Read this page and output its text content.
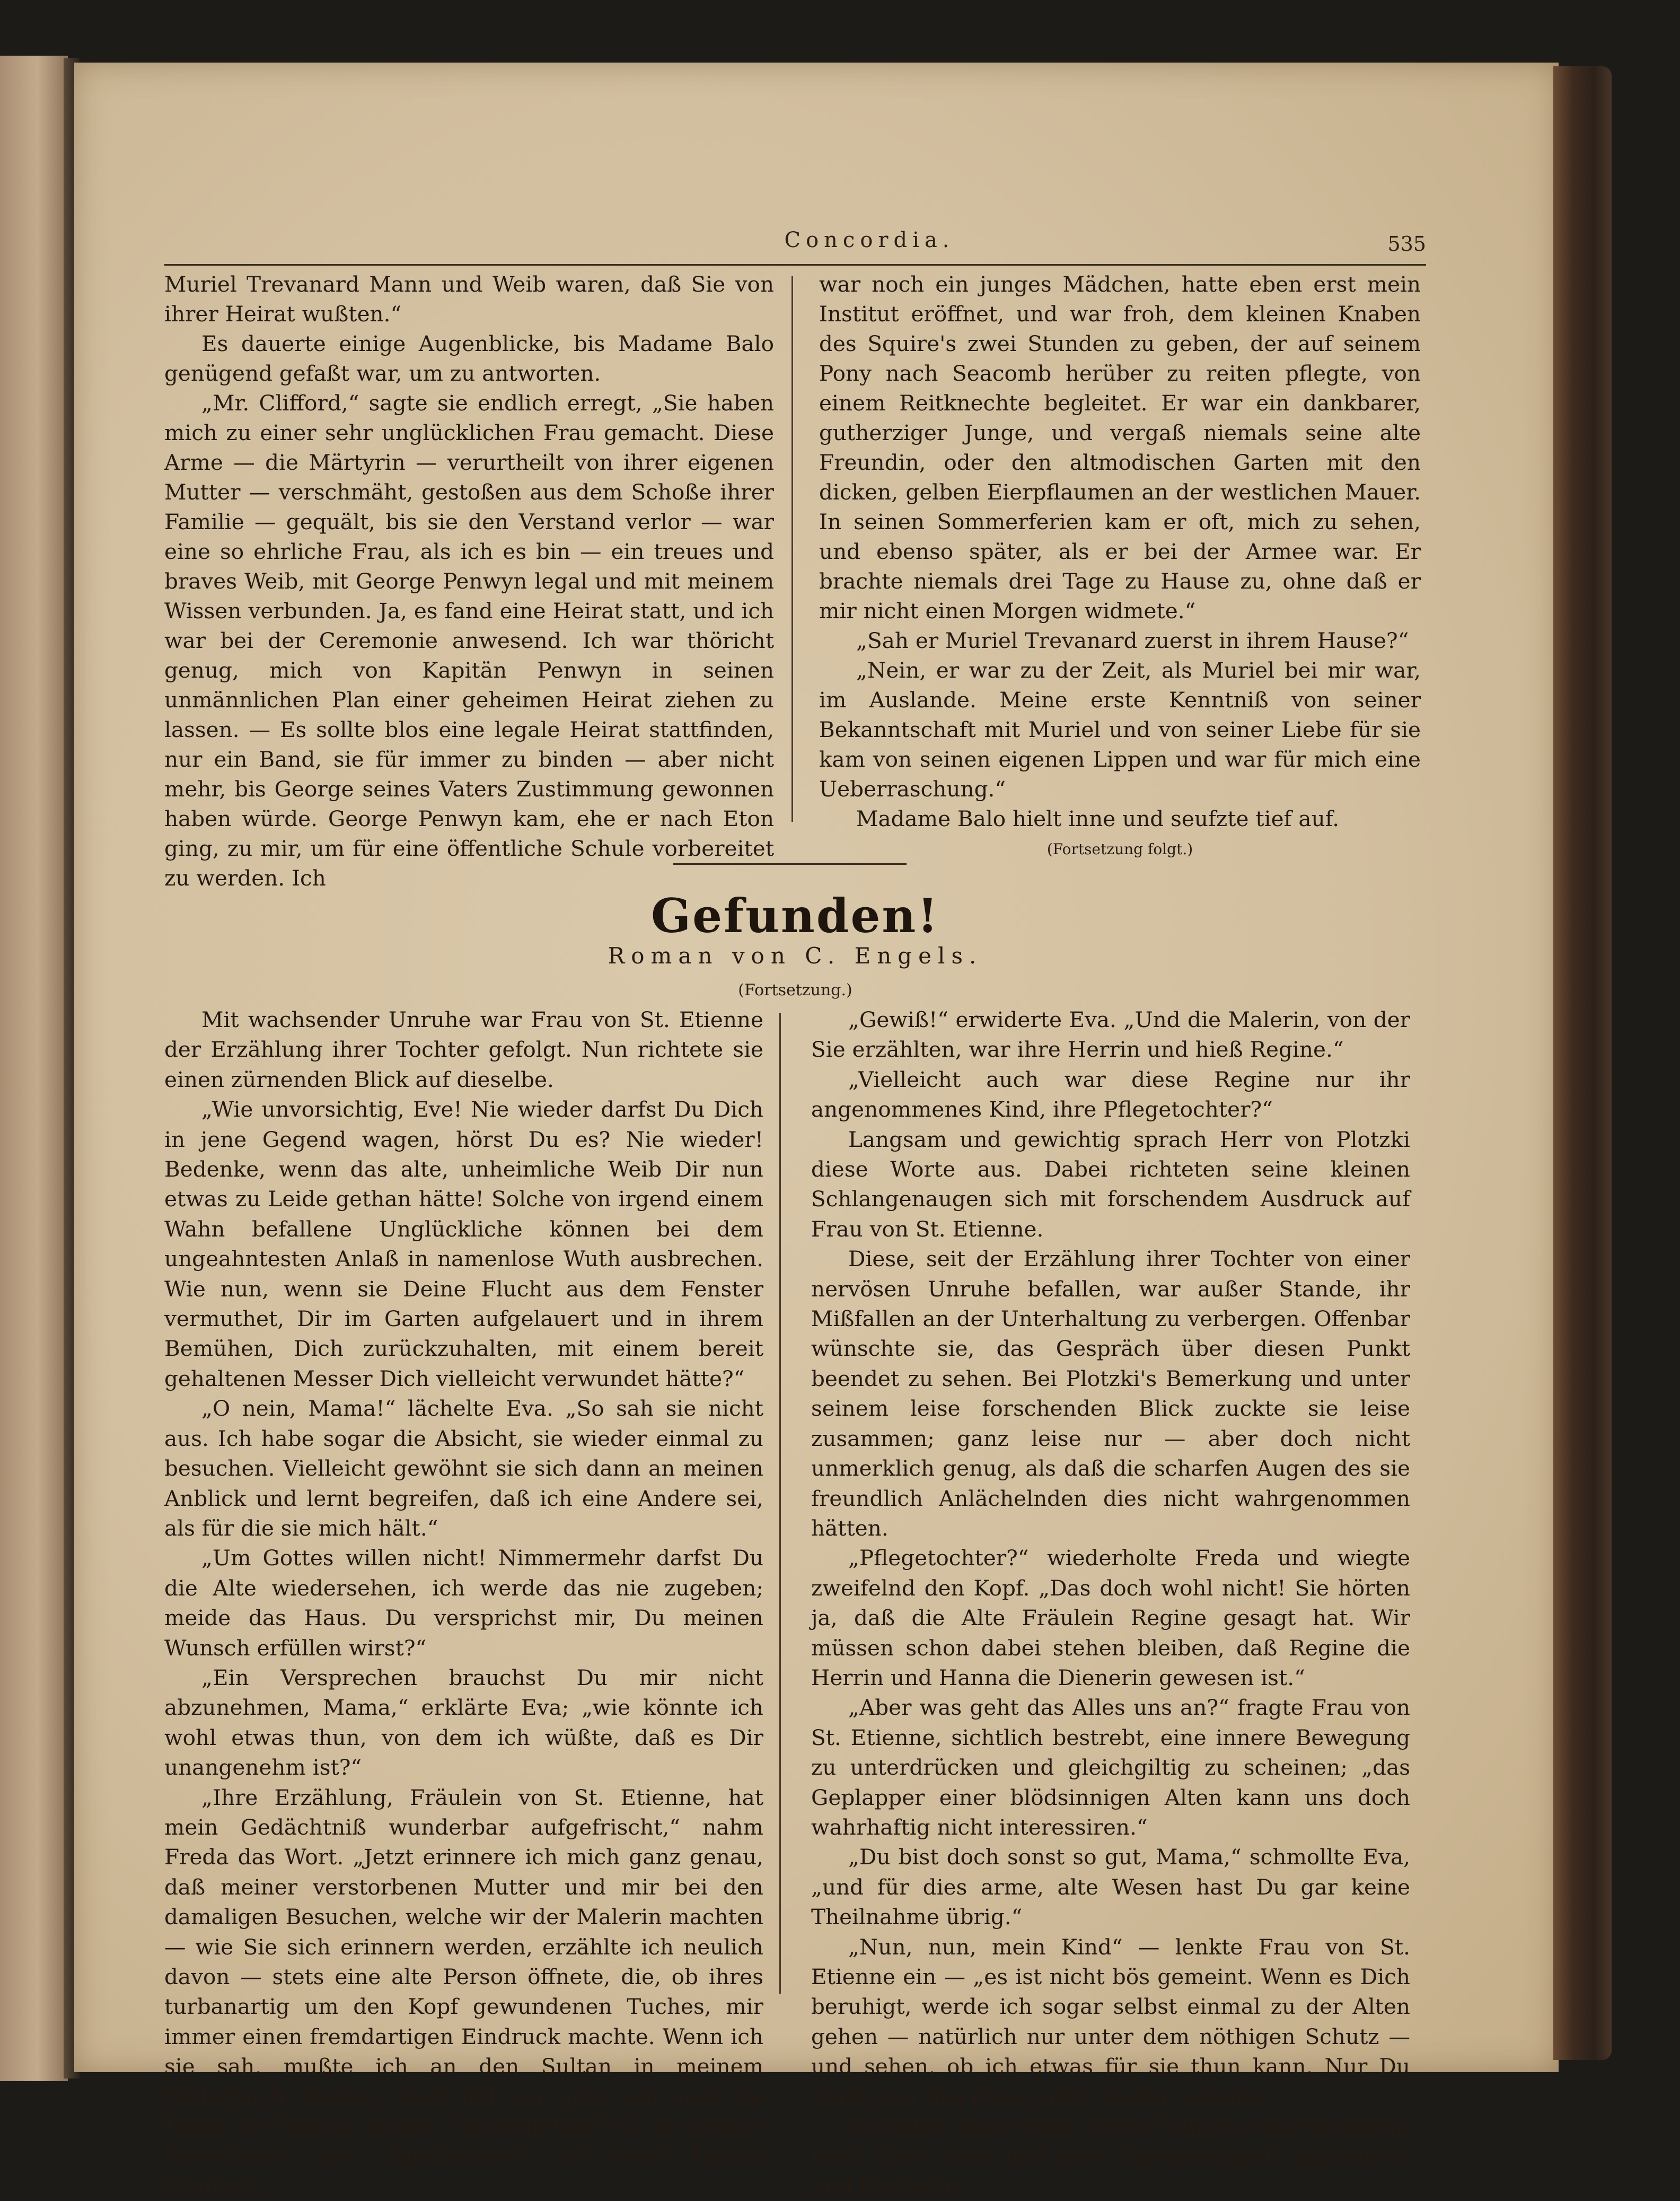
Concordia.	535

Muriel Trevanard Mann und Weib waren, daß Sie von ihrer Heirat wußten.“

Es dauerte einige Augenblicke, bis Madame Balo genügend gefaßt war, um zu antworten.

„Mr. Clifford,“ sagte sie endlich erregt, „Sie haben mich zu einer sehr unglücklichen Frau gemacht. Diese Arme — die Märtyrin — verurtheilt von ihrer eigenen Mutter — verschmäht, gestoßen aus dem Schoße ihrer Familie — gequält, bis sie den Verstand verlor — war eine so ehrliche Frau, als ich es bin — ein treues und braves Weib, mit George Penwyn legal und mit meinem Wissen verbunden. Ja, es fand eine Heirat statt, und ich war bei der Ceremonie anwesend. Ich war thöricht genug, mich von Kapitän Penwyn in seinen unmännlichen Plan einer geheimen Heirat ziehen zu lassen. — Es sollte blos eine legale Heirat stattfinden, nur ein Band, sie für immer zu binden — aber nicht mehr, bis George seines Vaters Zustimmung gewonnen haben würde. George Penwyn kam, ehe er nach Eton ging, zu mir, um für eine öffentliche Schule vorbereitet zu werden. Ich

war noch ein junges Mädchen, hatte eben erst mein Institut eröffnet, und war froh, dem kleinen Knaben des Squire's zwei Stunden zu geben, der auf seinem Pony nach Seacomb herüber zu reiten pflegte, von einem Reitknechte begleitet. Er war ein dankbarer, gutherziger Junge, und vergaß niemals seine alte Freundin, oder den altmodischen Garten mit den dicken, gelben Eierpflaumen an der westlichen Mauer. In seinen Sommerferien kam er oft, mich zu sehen, und ebenso später, als er bei der Armee war. Er brachte niemals drei Tage zu Hause zu, ohne daß er mir nicht einen Morgen widmete.“

„Sah er Muriel Trevanard zuerst in ihrem Hause?“

„Nein, er war zu der Zeit, als Muriel bei mir war, im Auslande. Meine erste Kenntniß von seiner Bekanntschaft mit Muriel und von seiner Liebe für sie kam von seinen eigenen Lippen und war für mich eine Ueberraschung.“

Madame Balo hielt inne und seufzte tief auf.

(Fortsetzung folgt.)

Gefunden!
Roman von C. Engels.
(Fortsetzung.)

Mit wachsender Unruhe war Frau von St. Etienne der Erzählung ihrer Tochter gefolgt. Nun richtete sie einen zürnenden Blick auf dieselbe.

„Wie unvorsichtig, Eve! Nie wieder darfst Du Dich in jene Gegend wagen, hörst Du es? Nie wieder! Bedenke, wenn das alte, unheimliche Weib Dir nun etwas zu Leide gethan hätte! Solche von irgend einem Wahn befallene Unglückliche können bei dem ungeahntesten Anlaß in namenlose Wuth ausbrechen. Wie nun, wenn sie Deine Flucht aus dem Fenster vermuthet, Dir im Garten aufgelauert und in ihrem Bemühen, Dich zurückzuhalten, mit einem bereit gehaltenen Messer Dich vielleicht verwundet hätte?“

„O nein, Mama!“ lächelte Eva. „So sah sie nicht aus. Ich habe sogar die Absicht, sie wieder einmal zu besuchen. Vielleicht gewöhnt sie sich dann an meinen Anblick und lernt begreifen, daß ich eine Andere sei, als für die sie mich hält.“

„Um Gottes willen nicht! Nimmermehr darfst Du die Alte wiedersehen, ich werde das nie zugeben; meide das Haus. Du versprichst mir, Du meinen Wunsch erfüllen wirst?“

„Ein Versprechen brauchst Du mir nicht abzunehmen, Mama,“ erklärte Eva; „wie könnte ich wohl etwas thun, von dem ich wüßte, daß es Dir unangenehm ist?“

„Ihre Erzählung, Fräulein von St. Etienne, hat mein Gedächtniß wunderbar aufgefrischt,“ nahm Freda das Wort. „Jetzt erinnere ich mich ganz genau, daß meiner verstorbenen Mutter und mir bei den damaligen Besuchen, welche wir der Malerin machten — wie Sie sich erinnern werden, erzählte ich neulich davon — stets eine alte Person öffnete, die, ob ihres turbanartig um den Kopf gewundenen Tuches, mir immer einen fremdartigen Eindruck machte. Wenn ich sie sah, mußte ich an den Sultan in meinem Bilderbuch denken. Auch fällt mir jetzt ein, daß die Dame sie Hanna nannte. Unzweifelhaft ist die jetzige Bewohnerin des „Spukhauses“ mit jener Hanna identisch.“

„Gewiß!“ erwiderte Eva. „Und die Malerin, von der Sie erzählten, war ihre Herrin und hieß Regine.“

„Vielleicht auch war diese Regine nur ihr angenommenes Kind, ihre Pflegetochter?“

Langsam und gewichtig sprach Herr von Plotzki diese Worte aus. Dabei richteten seine kleinen Schlangenaugen sich mit forschendem Ausdruck auf Frau von St. Etienne.

Diese, seit der Erzählung ihrer Tochter von einer nervösen Unruhe befallen, war außer Stande, ihr Mißfallen an der Unterhaltung zu verbergen. Offenbar wünschte sie, das Gespräch über diesen Punkt beendet zu sehen. Bei Plotzki's Bemerkung und unter seinem leise forschenden Blick zuckte sie leise zusammen; ganz leise nur — aber doch nicht unmerklich genug, als daß die scharfen Augen des sie freundlich Anlächelnden dies nicht wahrgenommen hätten.

„Pflegetochter?“ wiederholte Freda und wiegte zweifelnd den Kopf. „Das doch wohl nicht! Sie hörten ja, daß die Alte Fräulein Regine gesagt hat. Wir müssen schon dabei stehen bleiben, daß Regine die Herrin und Hanna die Dienerin gewesen ist.“

„Aber was geht das Alles uns an?“ fragte Frau von St. Etienne, sichtlich bestrebt, eine innere Bewegung zu unterdrücken und gleichgiltig zu scheinen; „das Geplapper einer blödsinnigen Alten kann uns doch wahrhaftig nicht interessiren.“

„Du bist doch sonst so gut, Mama,“ schmollte Eva, „und für dies arme, alte Wesen hast Du gar keine Theilnahme übrig.“

„Nun, nun, mein Kind“ — lenkte Frau von St. Etienne ein — „es ist nicht bös gemeint. Wenn es Dich beruhigt, werde ich sogar selbst einmal zu der Alten gehen — natürlich nur unter dem nöthigen Schutz — und sehen, ob ich etwas für sie thun kann. Nur Du darfst mir das Haus nicht wieder betreten.“

Nachdem man einige Erfrischungen eingenommen, noch über diese und jene Tagesneuigkeit geplaudert und Freda die
